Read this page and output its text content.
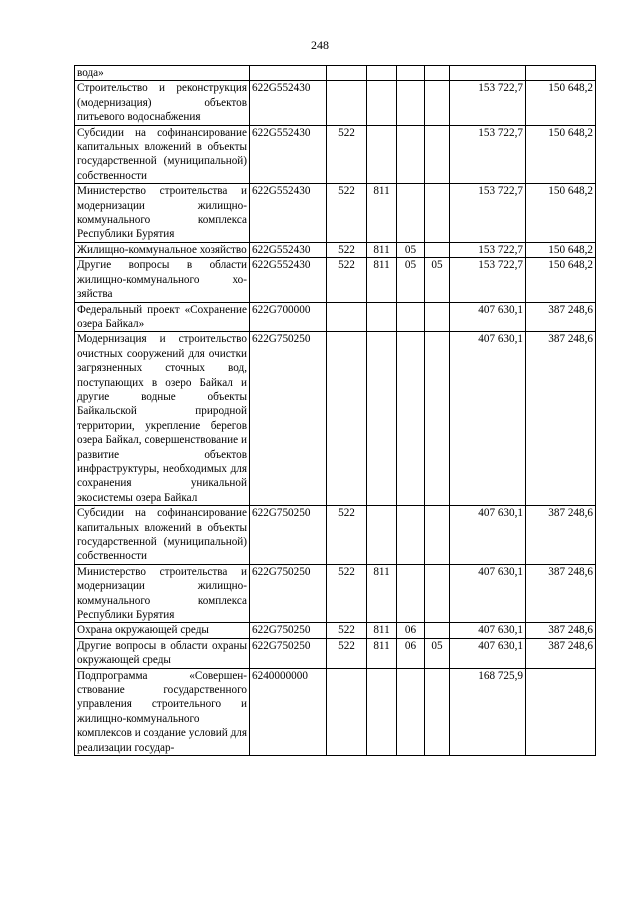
248
вода»							
Строительство и реконструкция (модернизация) объектов питьевого водоснабжения	622G552430					153 722,7	150 648,2
Субсидии на софинансирование капитальных вложений в объекты государственной (муниципальной) собственности	622G552430	522				153 722,7	150 648,2
Министерство строительства и модернизации жилищно-коммунального комплекса Республики Бурятия	622G552430	522	811			153 722,7	150 648,2
Жилищно-коммунальное хозяйство	622G552430	522	811	05		153 722,7	150 648,2
Другие вопросы в области жилищно-коммунального хозяйства	622G552430	522	811	05	05	153 722,7	150 648,2
Федеральный проект «Сохранение озера Байкал»	622G700000					407 630,1	387 248,6
Модернизация и строительство очистных сооружений для очистки загрязненных сточных вод, поступающих в озеро Байкал и другие водные объекты Байкальской природной территории, укрепление берегов озера Байкал, совершенствование и развитие объектов инфраструктуры, необходимых для сохранения уникальной экосистемы озера Байкал	622G750250					407 630,1	387 248,6
Субсидии на софинансирование капитальных вложений в объекты государственной (муниципальной) собственности	622G750250	522				407 630,1	387 248,6
Министерство строительства и модернизации жилищно-коммунального комплекса Республики Бурятия	622G750250	522	811			407 630,1	387 248,6
Охрана окружающей среды	622G750250	522	811	06		407 630,1	387 248,6
Другие вопросы в области охраны окружающей среды	622G750250	522	811	06	05	407 630,1	387 248,6
Подпрограмма «Совершенствование государственного управления строительного и жилищно-коммунального комплексов и создание условий для реализации государ-	6240000000					168 725,9	
